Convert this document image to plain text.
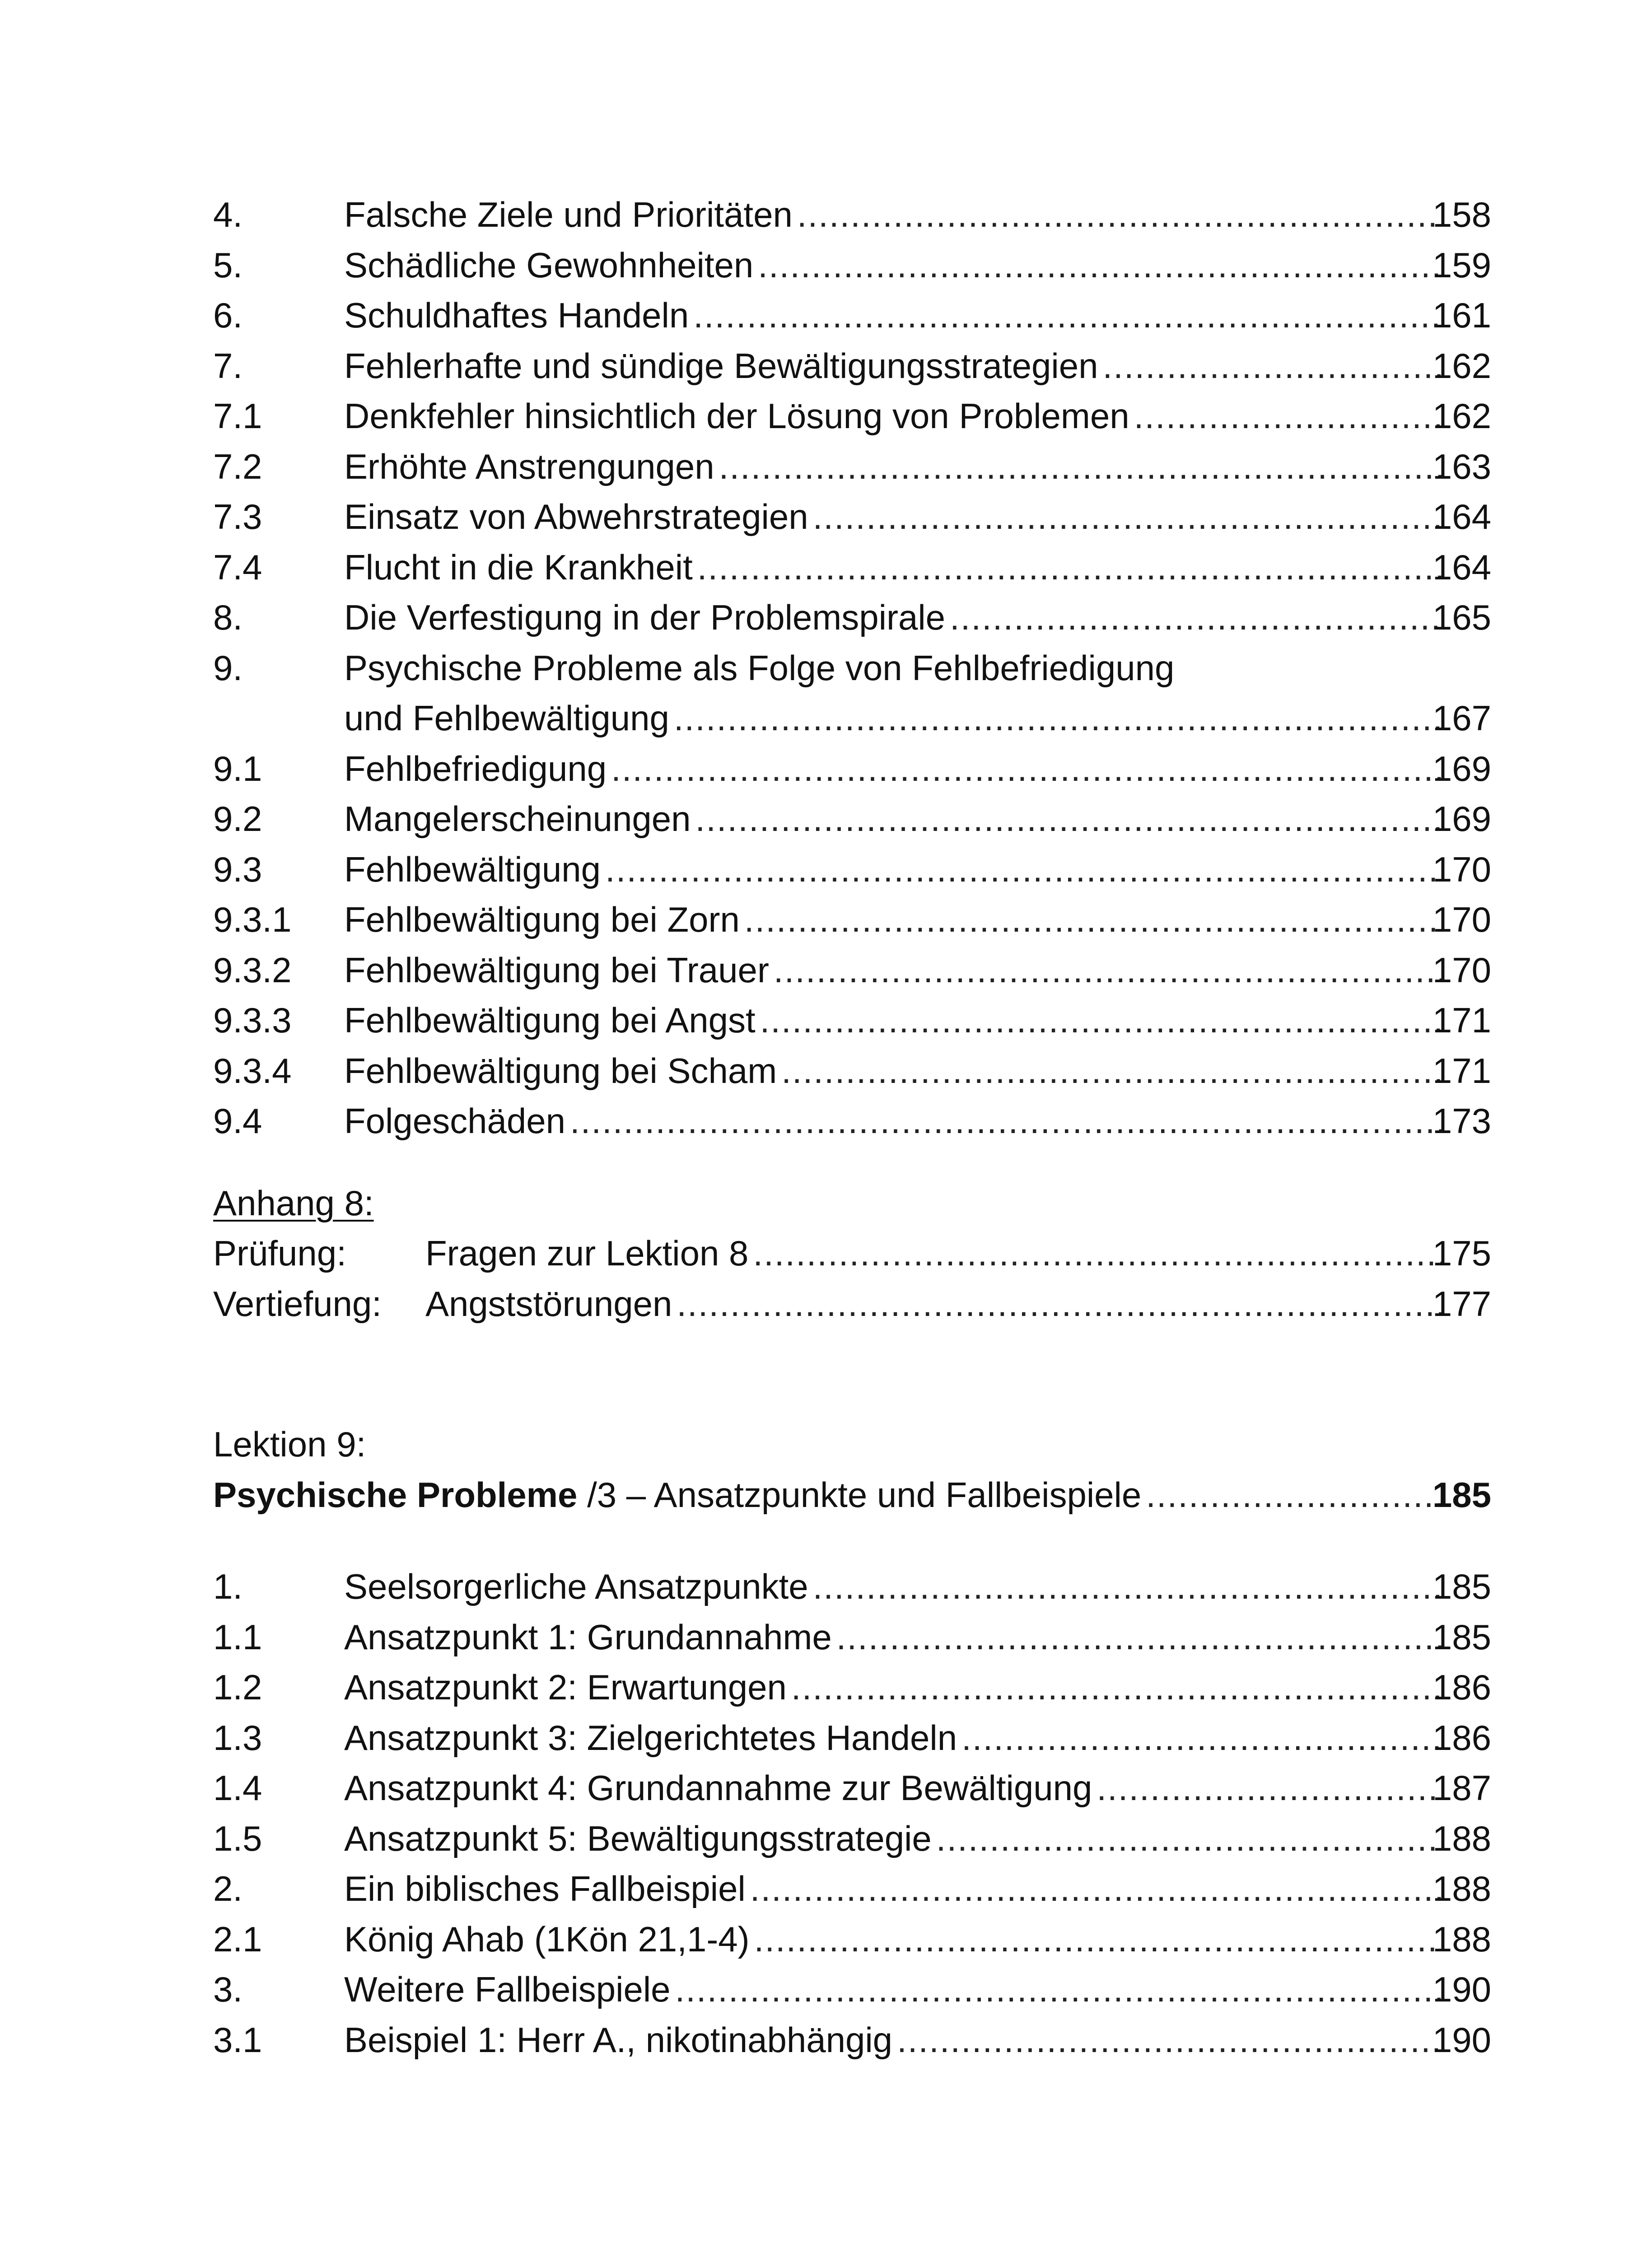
4.	Falsche Ziele und Prioritäten .....	158
5.	Schädliche Gewohnheiten .....	159
6.	Schuldhaftes Handeln .....	161
7.	Fehlerhafte und sündige Bewältigungsstrategien .....	162
7.1	Denkfehler hinsichtlich der Lösung von Problemen .....	162
7.2	Erhöhte Anstrengungen .....	163
7.3	Einsatz von Abwehrstrategien .....	164
7.4	Flucht in die Krankheit .....	164
8.	Die Verfestigung in der Problemspirale .....	165
9.	Psychische Probleme als Folge von Fehlbefriedigung
und Fehlbewältigung .....	167
9.1	Fehlbefriedigung .....	169
9.2	Mangelerscheinungen .....	169
9.3	Fehlbewältigung .....	170
9.3.1	Fehlbewältigung bei Zorn .....	170
9.3.2	Fehlbewältigung bei Trauer .....	170
9.3.3	Fehlbewältigung bei Angst .....	171
9.3.4	Fehlbewältigung bei Scham .....	171
9.4	Folgeschäden .....	173
Anhang 8:
Prüfung:	Fragen zur Lektion 8 .....	175
Vertiefung:	Angststörungen .....	177
Lektion 9:
Psychische Probleme /3 – Ansatzpunkte und Fallbeispiele .....	185
1.	Seelsorgerliche Ansatzpunkte .....	185
1.1	Ansatzpunkt 1: Grundannahme .....	185
1.2	Ansatzpunkt 2: Erwartungen .....	186
1.3	Ansatzpunkt 3: Zielgerichtetes Handeln .....	186
1.4	Ansatzpunkt 4: Grundannahme zur Bewältigung .....	187
1.5	Ansatzpunkt 5: Bewältigungsstrategie .....	188
2.	Ein biblisches Fallbeispiel .....	188
2.1	König Ahab (1Kön 21,1-4) .....	188
3.	Weitere Fallbeispiele .....	190
3.1	Beispiel 1: Herr A., nikotinabhängig .....	190
